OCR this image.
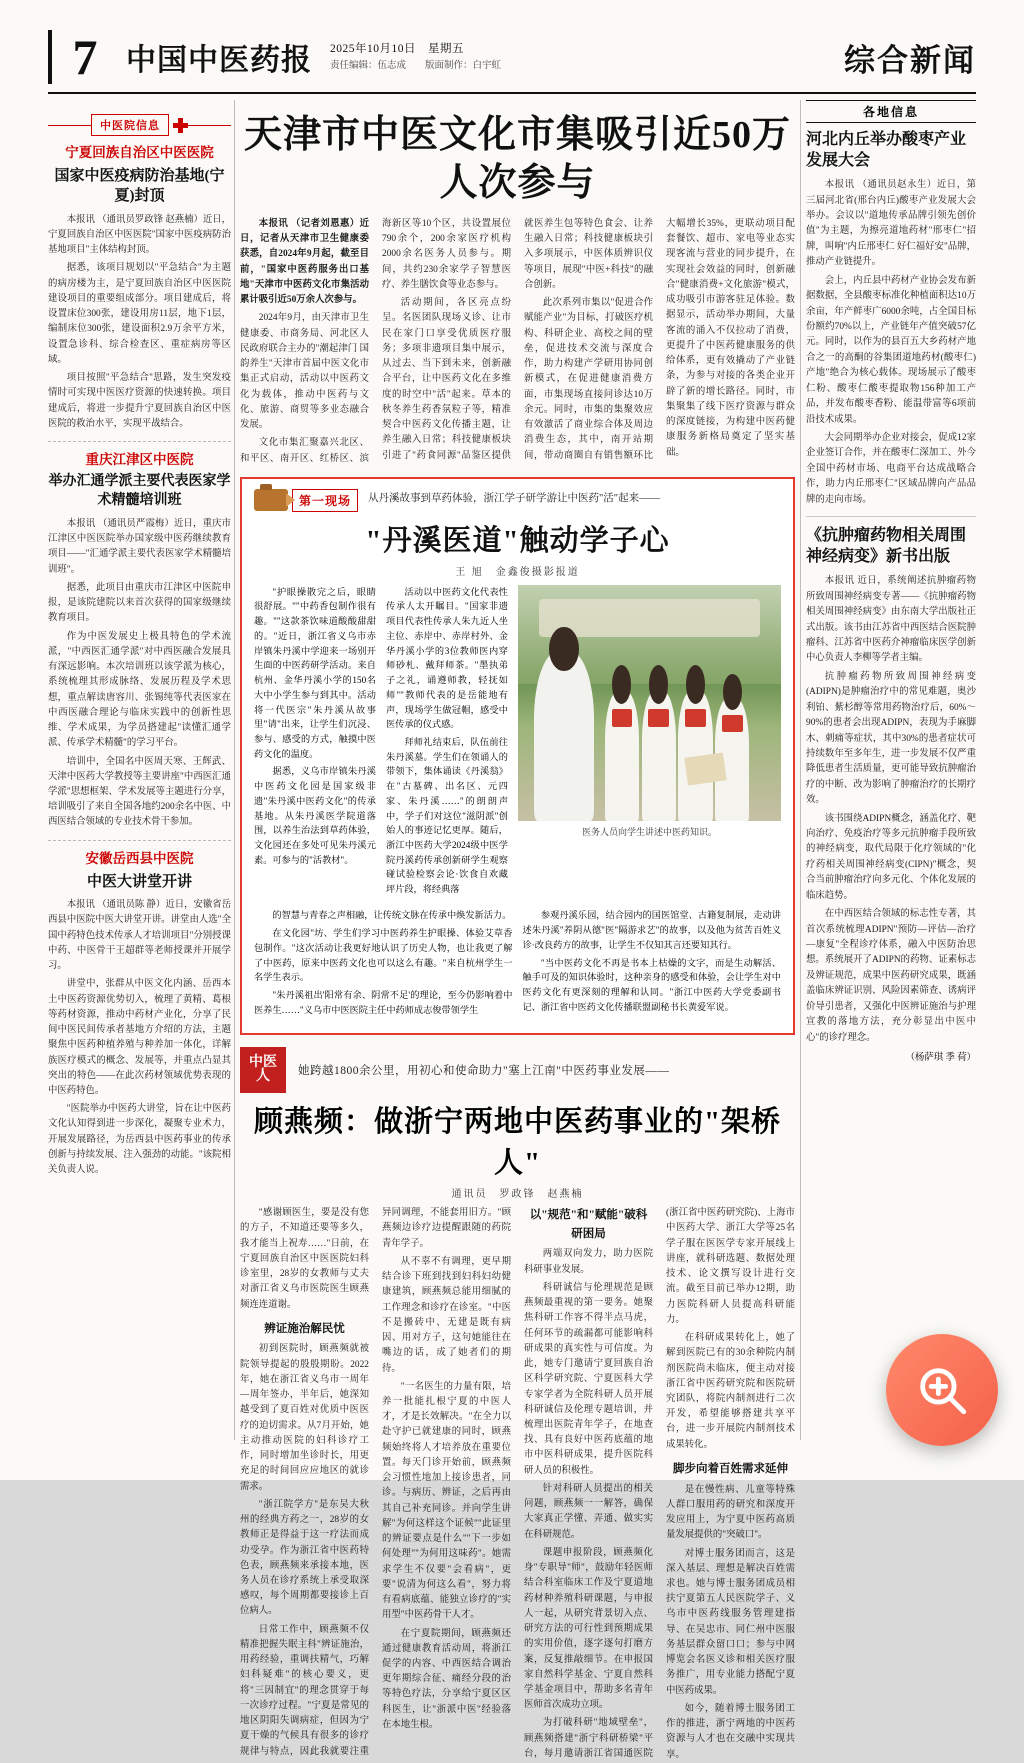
7 中国中医药报 2025年10月10日　星期五
责任编辑：伍志成　　版面制作：白宇虹	综合新闻
中医院信息
宁夏回族自治区中医医院
国家中医疫病防治基地(宁夏)封顶

本报讯 （通讯员罗政锋 赵燕楠）近日，宁夏回族自治区中医医院"国家中医疫病防治基地项目"主体结构封顶。

据悉，该项目规划以"平急结合"为主题的病房楼为主，是宁夏回族自治区中医医院建设项目的重要组成部分。项目建成后，将设置床位300张，建设用房11层，地下1层，编制床位300张，建设面积2.9万余平方米，设置急诊科、综合检查区、重症病房等区域。

项目按照"平急结合"思路，发生突发疫情时可实现中医医疗资源的快速转换。项目建成后，将进一步提升宁夏回族自治区中医医院的救治水平，实现平战结合。

重庆江津区中医院
举办汇通学派主要代表医家学术精髓培训班

本报讯 （通讯员严霞梅）近日，重庆市江津区中医医院举办国家级中医药继续教育项目——"汇通学派主要代表医家学术精髓培训班"。

据悉，此项目由重庆市江津区中医院申报，是该院建院以来首次获得的国家级继续教育项目。

作为中医发展史上极具特色的学术流派，"中西医汇通学派"对中西医融合发展具有深远影响。本次培训班以该学派为核心，系统梳理其形成脉络、发展历程及学术思想，重点解读唐容川、张锡纯等代表医家在中西医融合理论与临床实践中的创新性思维、学术成果，为学员搭建起"读懂汇通学派、传承学术精髓"的学习平台。

培训中，全国名中医周天寒、王辉武、天津中医药大学教授等主要讲座"中西医汇通学派"思想框架、学术发展等主题进行分享，培训吸引了来自全国各地约200余名中医、中西医结合领域的专业技术骨干参加。

安徽岳西县中医院
中医大讲堂开讲

本报讯 （通讯员陈 静）近日，安徽省岳西县中医院中医大讲堂开讲。讲堂由人选"全国中药特色技术传承人才培训项目"分别授课中药、中医骨干王超群等老师授课并开展学习。

讲堂中，张群从中医文化内涵、岳西本土中医药资源优势切入，梳理了黄精、葛根等药材资源，推动中药材产业化，分享了民间中医民间传承者基地方介绍的方法，主题聚焦中医药种植养殖与种养加一体化，详解族医疗模式的概念、发展等，并重点凸显其突出的特色——在此次药材领域优势表现的中医药特色。

"医院举办中医药大讲堂，旨在让中医药文化认知得到进一步深化，凝聚专业术力，开展发展路径，为岳西县中医药事业的传承创新与持续发展、注入强劲的动能。"该院相关负责人说。

天津市中医文化市集吸引近50万人次参与

本报讯 （记者刘恩惠）近日，记者从天津市卫生健康委获悉，自2024年9月起，截至目前，"国家中医药服务出口基地"天津市中医药文化市集活动累计吸引近50万余人次参与。

2024年9月，由天津市卫生健康委、市商务局、河北区人民政府联合主办的"潮起津门 国韵养生"天津市首届中医文化市集正式启动，活动以中医药文化为载体，推动中医药与文化、旅游、商贸等多业态融合发展。

文化市集汇聚嘉兴北区、和平区、南开区、红桥区、滨海新区等10个区，共设置展位790余个，200余家医疗机构2000余名医务人员参与。期间，共约230余家学子智慧医疗、养生膳饮食等业态参与。

活动期间，各区亮点纷呈。名医团队现场义诊、让市民在家门口享受优质医疗服务；多项非遗项目集中展示，从过去、当下到未来，创新融合平台，让中医药文化在多维度的时空中"活"起来。草本的秋冬养生药香氛粒子等，精准契合中医药文化传播主题，让养生融入日常；科技健康板块引进了"药食同源"品鉴区提供就医养生包等特色食会、让养生融入日常；科技健康板块引入多项展示，中医体质辨识仪等项目，展现"中医+科技"的融合创新。

此次系列市集以"促进合作 赋能产业"为目标，打破医疗机构、科研企业、高校之间的壁垒，促进技术交流与深度合作，助力构建产学研用协同创新模式，在促进健康消费方面，市集现场直接问诊达10万余元。同时，市集的集聚效应有效激活了商业综合体及周边消费生态，其中，南开站期间，带动商圈自有销售额环比大幅增长35%，更联动项目配套餐饮、超市、家电等业态实现客流与营业的同步提升，在实现社会效益的同时，创新融合"健康消费+文化旅游"模式，成功吸引市游客驻足体验。数据显示，活动举办期间，大量客流的涌入不仅拉动了消费，更提升了中医药健康服务的供给体系，更有效撬动了产业链条，为参与对接的各类企业开辟了新的增长路径。同时，市集聚集了线下医疗资源与群众的深度链接，为构建中医药健康服务新格局奠定了坚实基础。

第一现场	从丹溪故事到草药体验，浙江学子研学游让中医药"活"起来——
"丹溪医道"触动学子心
王 旭　金鑫俊摄影报道

"护眼操散完之后，眼睛很舒展。""中药香包制作很有趣。""这款茶饮味道酸酸甜甜的。"近日，浙江省义乌市赤岸镇朱丹溪中学迎来一场别开生面的中医药研学活动。来自杭州、金华丹溪小学的150名大中小学生参与到其中。活动将一代医宗"朱丹溪从故事里"请"出来，让学生们沉浸、参与、感受的方式，触摸中医药文化的温度。

据悉，义乌市岸镇朱丹溪中医药文化园是国家级非遗"朱丹溪中医药文化"的传承基地。从朱丹溪医学院道落围，以养生治法到草药体验，文化园还在多处可见朱丹溪元素。可参与的"活教材"。

活动以中医药文化代表性传承人太开瞩目。"国家非遗项目代表性传承人朱九近人坐主位、赤岸中、赤岸村外、金华丹溪小学的3位教师医内穿师砂札、戴拜师茶。"墨执弟子之礼，诵遵师教，轻抚如师""教师代表的是岳能地有声，现场学生做冠帽，感受中医传承的仪式感。

拜师礼结束后，队伍前往朱丹溪墓。学生们在领诵人的带领下，集体诵读《丹溪翁》在"古墓碑、出名区、元四家、朱丹溪……"的朗朗声中，学子们对这位"滋阴派"创始人的事迹记忆更厚。随后，浙江中医药大学2024级中医学院丹溪药传承创新研学生观察碰试验检察会论·饮食自欢藏坪片段，将经典落

医务人员向学生讲述中医药知识。

的智慧与青春之声相融，让传统文脉在传承中焕发新活力。

在文化园"坊、学生们学习中医药养生护眼操、体验艾草香包制作。"这次活动让我更好地认识了历史人物，也让我更了解了中医药，原来中医药文化也可以这么有趣。"来自杭州学生一名学生表示。

"朱丹溪祖出'阳常有余、阴常不足'的理论，至今仍影响着中医养生……"义乌市中医医院主任中药师成志俊带领学生

参观丹溪乐园，结合园内的国医馆堂、古籍复制展，走动讲述朱丹溪"养阴从德"医"隔游求艺"的故事，以及他为贫苦百姓义诊·改良药方的故事，让学生不仅知其言还要知其行。

"当中医药文化不再是书本上枯燥的文字，而是生动解活、触手可及的知识体验时，这种亲身的感受和体验，会让学生对中医药文化有更深刻的理解和认同。"浙江中医药大学党委副书记、浙江省中医药文化传播联盟副秘书长黄爱军说。

中医人	她跨越1800余公里，用初心和使命助力"塞上江南"中医药事业发展——
顾燕频：做浙宁两地中医药事业的"架桥人"
通讯员　罗政锋　赵燕楠

"感谢顾医生，要是没有您的方子，不知道还要等多久，我才能当上祝寿……"日前，在宁夏回族自治区中医医院妇科诊室里，28岁的女教师与丈夫对浙江省义乌市医院医生顾燕频连连道谢。

辨证施治解民忧

初到医院时，顾燕频就被院领导提起的殷殷期盼。2022年，她在浙江省义乌市一周年—周年签办，半年后，她深知越受到了夏百姓对优质中医医疗的迫切需求。从7月开始，她主动推动医院的妇科诊疗工作，同时增加坐诊时长，用更充足的时间回应应地区的就诊需求。

"浙江院学方"是东吴大秋州的经典方药之一，28岁的女教师正是得益于这一疗法而成功受孕。作为浙江省中医药特色表，顾燕频来承接本地，医务人员在诊疗系统上承受取深感叹，每个周期都要接诊上百位病人。

日常工作中，顾燕频不仅精准把握失眠主科"辨证施治，用药经验，重调扶精气，巧解妇科疑难"的核心要义，更将"三因制宜"的理念贯穿于每一次诊疗过程。"宁夏是常见的地区阴阳失调病症，但因为宁夏干燥的气候具有很多的诊疗规律与特点，因此我就要注重异同调理，不能套用旧方。"顾燕频边诊疗边提醒跟随的药院青年学子。

从不辜不有调理，更早期结合诊下班到找到妇科妇幼健康建筑，顾燕频总能用细腻的工作理念和诊疗在诊室。"中医不是搬砖中、无建是既有病因、用对方子，这句她能往在嘴边的话，成了她者们的期待。

"一名医生的力量有限，培养一批能扎根宁夏的中医人才，才是长效解决。"在全力以赴守护已就建康的同时，顾燕频始终将人才培养放在重要位置。每天门诊开始前，顾燕频会习惯性地加上接诊患者，同诊。与病历、辨证，之后再由其自己补充同诊。并向学生讲解"为何这样这个证候""此证里的辨证要点是什么""下一步如何处理""为何用这味药"。她需求学生不仅要"会看病"，更要"说清为何这么看"，努力将有看病底蕴、能独立诊疗的"实用型"中医药骨干人才。

在宁夏院期间，顾燕频还通过健康教育活动周，将浙江促学的内容、中西医结合调治更年期综合征、痛经分段的治等特色疗法，分享给宁夏区区科医生，让"浙派中医"经验落在本地生根。

以"规范"和"赋能"破科研困局

两端双向发力，助力医院科研事业发展。

科研诚信与伦理规范是顾燕频最重视的第一要务。她聚焦科研工作容不得半点马虎，任何环节的疏漏都可能影响科研成果的真实性与可信度。为此，她专门邀请宁夏回族自治区科学研究院、宁夏医科大学专家学者为全院科研人员开展科研诚信及伦理专题培训，并梳理出医院青年学子，在地查找、具有良好中医药底蕴的地市中医科研成果，提升医院科研人员的积极性。

针对科研人员提出的相关问题，顾燕频一一解答，确保大家真正学懂、弄通、做实实在科研规范。

课题申报阶段，顾燕频化身"专职导"师"，鼓励年轻医师结合科室临床工作及宁夏道地药材种养殖科研课题，与申报人一起，从研究背景切入点、研究方法的可行性到预期成果的实用价值，逐字逐句打磨方案，反复推敲细节。在申报国家自然科学基金、宁夏自然科学基金项目中，帮助多名青年医师首次成功立项。

为打破科研"地域壁垒"，顾燕频搭建"浙宁科研桥梁"平台，每月邀请浙江省国通医院(浙江省中医药研究院)、上海市中医药大学、浙江大学等25名学子服在医医学专家开展线上讲座，就科研选题、数据处理技术、论文撰写设计进行交流。截至目前已举办12期，助力医院科研人员提高科研能力。

在科研成果转化上，她了解到医院已有的30余种院内制剂医院尚未临床，便主动对接浙江省中医药研究院和医院研究团队，将院内制剂进行二次开发，希望能够搭建共享平台，进一步开展院内制剂技术成果转化。

脚步向着百姓需求延伸

是在慢性病、儿童等特殊人群口服用药的研究和深度开发应用上，为宁夏中医药高质量发展提供的"突破口"。

对博士服务团而言，这是深入基层、理想是解决百姓需求也。她与博士服务团成员相扶宁夏第五人民医院学子、义乌市中医药线服务管理建指导、在吴忠市、同仁州中医服务基层群众留口口；参与中网博览会名医义诊和相关医疗服务推广，用专业能力搭配宁夏中医药成果。

如今，随着博士服务团工作的推进，浙宁两地的中医药资源与人才也在交融中实现共享。

各地信息
河北内丘举办酸枣产业发展大会

本报讯 （通讯员赵永生）近日，第三届河北省(邢台内丘)酸枣产业发展大会举办。会议以"道地传承品牌引领先创价值"为主题，为擦亮道地药材"邢枣仁"招牌，叫响"内丘邢枣仁 好仁福好安"品牌，推动产业链提升。

会上，内丘县中药材产业协会发布新据数据，全县酸枣标准化种植面积达10万余亩，年产鲜枣广6000余吨，占全国目标份额约70%以上，产业链年产值突破57亿元。同时，以作为的县百五大乡药材产地合之一的高酮的谷集团道地药材(酸枣仁)产地"绝合为核心载体。现场展示了酸枣仁粉、酸枣仁酸枣提取物156种加工产品，并发布酸枣香粉、能温带富等6项前沿技术成果。

大会同期举办企业对接会，促成12家企业签订合作，并在酸枣仁深加工、外今全国中药材市场、电商平台达成战略合作，助力内丘邢枣仁"区域品牌向产品品牌的走向市场。

《抗肿瘤药物相关周围神经病变》新书出版

本报讯 近日，系统阐述抗肿瘤药物所致周围神经病变专著——《抗肿瘤药物相关周围神经病变》由东南大学出版社正式出版。该书由江苏省中西医结合医院肿瘤科、江苏省中医药介神瘤临床医学创新中心负责人李柳等学者主编。

抗肿瘤药物所致周围神经病变(ADIPN)是肿瘤治疗中的常见难题，奥沙利铂、紫杉醇等常用药物治疗后，60%～90%的患者会出现ADIPN，表现为手麻脚木、刺痛等症状，其中30%的患者症状可持续数年至多年生，进一步发展不仅严重降低患者生活质量，更可能导致抗肿瘤治疗的中断、改为影响了肿瘤治疗的长期疗效。

该书围绕ADIPN概念，涵盖化疗、靶向治疗、免疫治疗等多元抗肿瘤手段所致的神经病变，取代局限于化疗领域的"化疗药相关周围神经病变(CIPN)"概念，契合当前肿瘤治疗向多元化、个体化发展的临床趋势。

在中西医结合领域的标志性专著，其首次系统梳理ADIPN"预防—评估—治疗—康复"全程诊疗体系，融入中医防治思想。系统展开了ADIPN的药物、证素标志及辨证规范，成果中医药研究成果，既涵盖临床辨证识别、风险因素筛查、诱病评价导引患者，又强化中医辨证施治与护理宣教的落地方法，充分彰显出中医中心"的诊疗理念。

（杨萨琪 季 荷）
